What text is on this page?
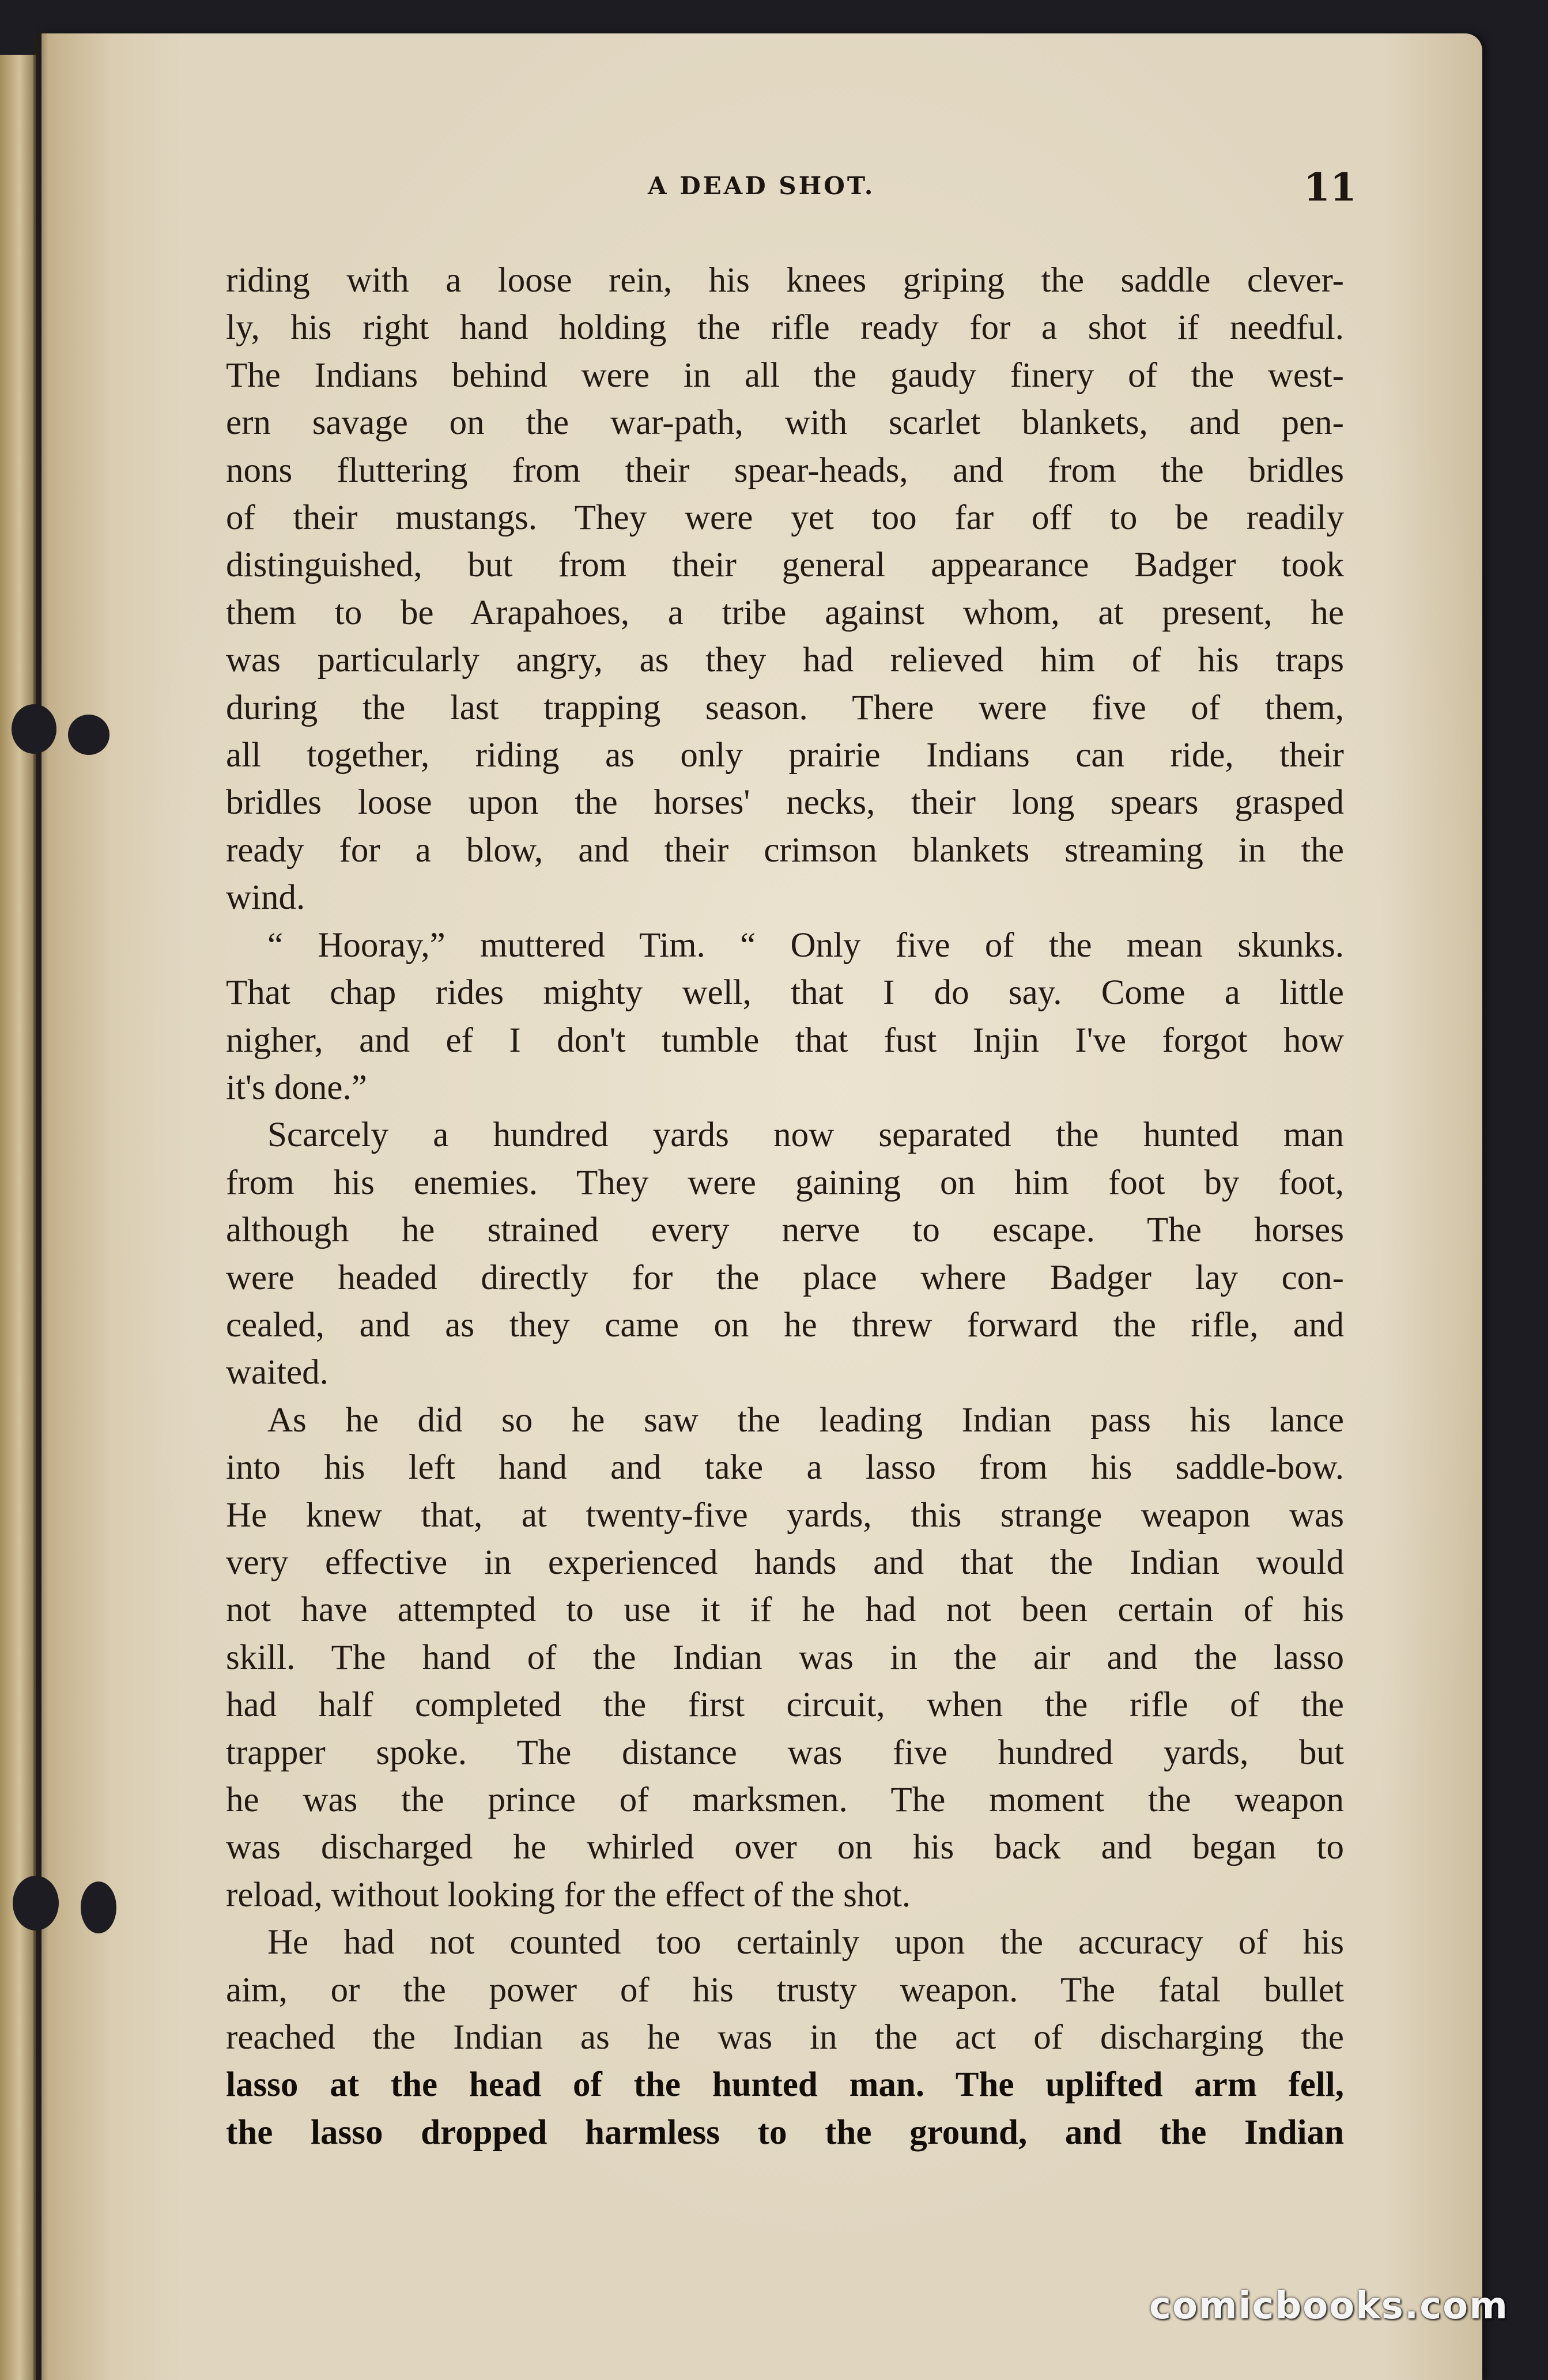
A DEAD SHOT.	11

riding with a loose rein, his knees griping the saddle clever-

ly, his right hand holding the rifle ready for a shot if needful.

The Indians behind were in all the gaudy finery of the west-

ern savage on the war-path, with scarlet blankets, and pen-

nons fluttering from their spear-heads, and from the bridles

of their mustangs. They were yet too far off to be readily

distinguished, but from their general appearance Badger took

them to be Arapahoes, a tribe against whom, at present, he

was particularly angry, as they had relieved him of his traps

during the last trapping season. There were five of them,

all together, riding as only prairie Indians can ride, their

bridles loose upon the horses' necks, their long spears grasped

ready for a blow, and their crimson blankets streaming in the

wind.

“ Hooray,” muttered Tim. “ Only five of the mean skunks.

That chap rides mighty well, that I do say. Come a little

nigher, and ef I don't tumble that fust Injin I've forgot how

it's done.”

Scarcely a hundred yards now separated the hunted man

from his enemies. They were gaining on him foot by foot,

although he strained every nerve to escape. The horses

were headed directly for the place where Badger lay con-

cealed, and as they came on he threw forward the rifle, and

waited.

As he did so he saw the leading Indian pass his lance

into his left hand and take a lasso from his saddle-bow.

He knew that, at twenty-five yards, this strange weapon was

very effective in experienced hands and that the Indian would

not have attempted to use it if he had not been certain of his

skill. The hand of the Indian was in the air and the lasso

had half completed the first circuit, when the rifle of the

trapper spoke. The distance was five hundred yards, but

he was the prince of marksmen. The moment the weapon

was discharged he whirled over on his back and began to

reload, without looking for the effect of the shot.

He had not counted too certainly upon the accuracy of his

aim, or the power of his trusty weapon. The fatal bullet

reached the Indian as he was in the act of discharging the

lasso at the head of the hunted man. The uplifted arm fell,

the lasso dropped harmless to the ground, and the Indian

comicbooks.com
